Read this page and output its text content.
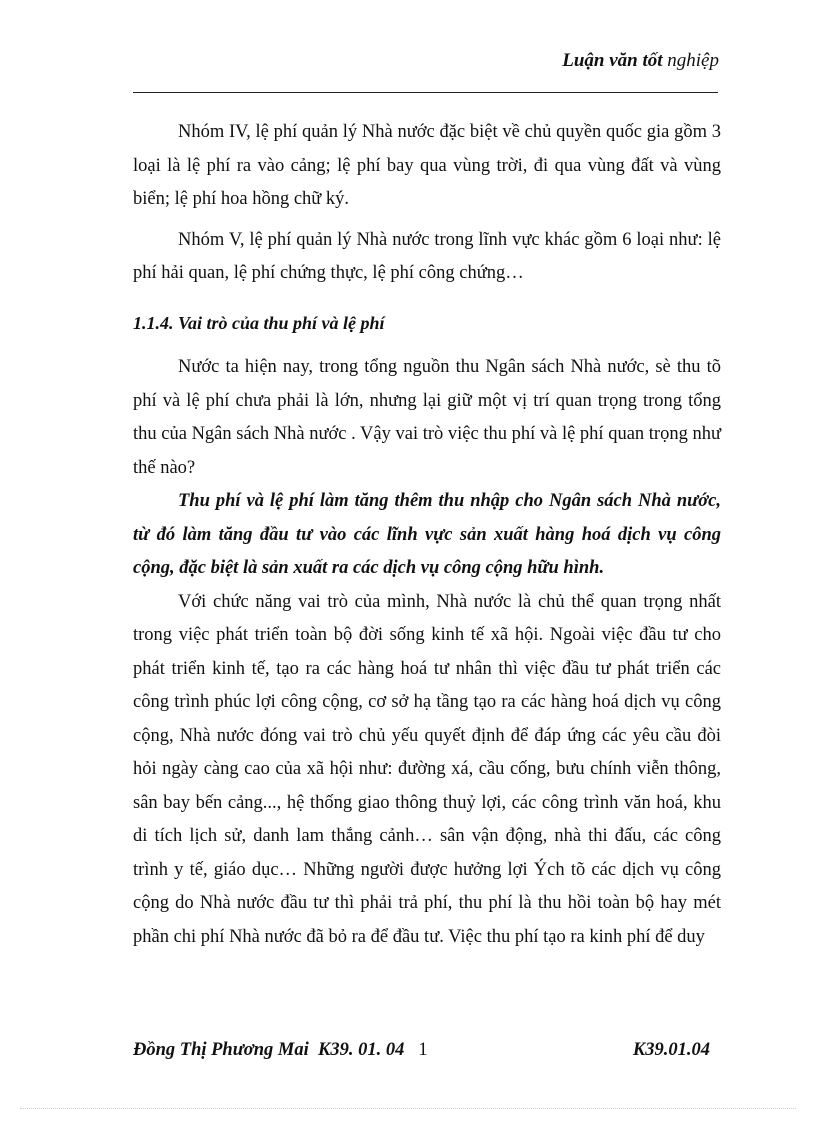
Luận văn tốt nghiệp

Nhóm IV, lệ phí quản lý Nhà nước đặc biệt về chủ quyền quốc gia gồm 3 loại là lệ phí ra vào cảng; lệ phí bay qua vùng trời, đi qua vùng đất và vùng biển; lệ phí hoa hồng chữ ký.

Nhóm V, lệ phí quản lý Nhà nước trong lĩnh vực khác gồm 6 loại như: lệ phí hải quan, lệ phí chứng thực, lệ phí công chứng…

1.1.4. Vai trò của thu phí và lệ phí

Nước ta hiện nay, trong tổng nguồn thu Ngân sách Nhà nước, sè thu tõ phí và lệ phí chưa phải là lớn, nhưng lại giữ một vị trí quan trọng trong tổng thu của Ngân sách Nhà nước . Vậy vai trò việc thu phí và lệ phí quan trọng như thế nào?

Thu phí và lệ phí làm tăng thêm thu nhập cho Ngân sách Nhà nước, từ đó làm tăng đầu tư vào các lĩnh vực sản xuất hàng hoá dịch vụ công cộng, đặc biệt là sản xuất ra các dịch vụ công cộng hữu hình.

Với chức năng vai trò của mình, Nhà nước là chủ thể quan trọng nhất trong việc phát triển toàn bộ đời sống kinh tế xã hội. Ngoài việc đầu tư cho phát triển kinh tế, tạo ra các hàng hoá tư nhân thì việc đầu tư phát triển các công trình phúc lợi công cộng, cơ sở hạ tầng tạo ra các hàng hoá dịch vụ công cộng, Nhà nước đóng vai trò chủ yếu quyết định để đáp ứng các yêu cầu đòi hỏi ngày càng cao của xã hội như: đường xá, cầu cống, bưu chính viễn thông, sân bay bến cảng..., hệ thống giao thông thuỷ lợi, các công trình văn hoá, khu di tích lịch sử, danh lam thắng cảnh… sân vận động, nhà thi đấu, các công trình y tế, giáo dục… Những người được hưởng lợi Ých tõ các dịch vụ công cộng do Nhà nước đầu tư thì phải trả phí, thu phí là thu hồi toàn bộ hay mét phần chi phí Nhà nước đã bỏ ra để đầu tư. Việc thu phí tạo ra kinh phí để duy

Đồng Thị Phương Mai K39. 01. 04 1	K39.01.04
